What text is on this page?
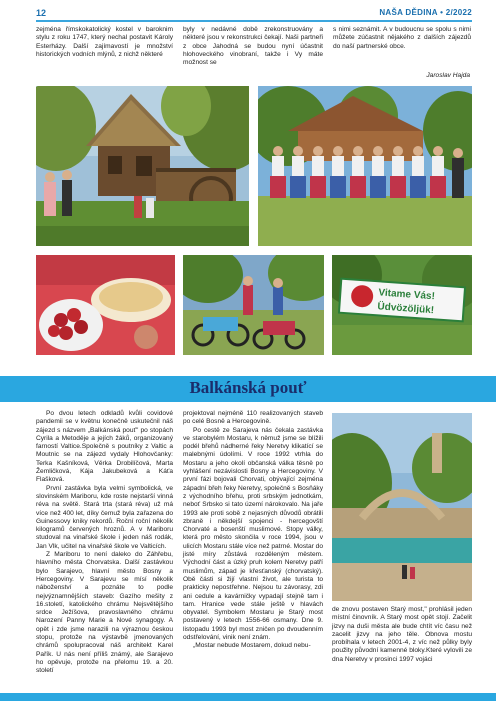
12	NAŠA DĚDINA • 2/2022
zejména římskokatolický kostel v baroknim stylu z roku 1747, který nechal postavit Károly Esterházy. Další zajímavostí je množství historických vodních mlýnů, z nichž některé
byly v nedávné době zrekonstruovány a některé jsou v rekonstrukci čekají. Naši partneři z obce Jahodná se budou nyní účastnit hlohoveckého vinobraní, takže i Vy máte možnost se
s nimi seznámit. A v budoucnu se spolu s nimi můžete zúčastnit nějakého z dalších zájezdů do naší partnerské obce.
Jaroslav Hajda
Vitame Vás!
Üdvözöljük!
Balkánská pouť

Po dvou letech odkladů kvůli covidové pandemii se v květnu konečně uskutečnil náš zájezd s názvem „Balkánská pouť" po stopách Cyrila a Metoděje a jejích žáků, organizovaný farností Valtice.Společně s poutníky z Valtic a Moutnic se na zájezd vydaly Hlohovčanky: Terka Kašníková, Věrka Drobilíčová, Marta Žemličková, Kája Jakubeková a Káťa Flašková.

První zastávka byla velmi symbolická, ve slovinském Mariboru, kde roste nejstarší vinná réva na světě. Stará trta (stará réva) už má více než 400 let, díky čemuž byla zařazena do Guinessovy kniky rekordů. Roční roční několik kilogramů červených hroznů. A v Mariboru studoval na vinařské škole i jeden náš rodák, Jan Vlk, učitel na vinařské škole ve Valticích.

Z Mariboru to není daleko do Záhřebu, hlavního města Chorvatska. Další zastávkou bylo Sarajevo, hlavní město Bosny a Hercegoviny. V Sarajevu se mísí několik náboženství a poznáte to podle nejvýznamnějších staveb: Gazího mešity z 16.století, katolického chrámu Nejsvětějšího srdce Ježíšova, pravoslavného chrámu Narození Panny Marie a Nové synagogy. A opět i zde jsme narazili na výraznou českou stopu, protože na výstavbě jmenovaných chrámů spolupracoval náš architekt Karel Pařík. U nás není příliš známý, ale Sarajevo ho opěvuje, protože na přelomu 19. a 20. století

projektoval nejméně 110 realizovaných staveb po celé Bosně a Hercegovině.

Po cestě ze Sarajeva nás čekala zastávka ve starobylém Mostaru, k němuž jsme se blížili podél břehů nádherné řeky Neretvy klikatící se malebnými údolími. V roce 1992 vtrhla do Mostaru a jeho okolí občanská válka těsně po vyhlášení nezávislosti Bosny a Hercegoviny. V první fázi bojovali Chorvati, obývající zejména západní břeh řeky Neretvy, společně s Bosňáky z východního břehu, proti srbským jednotkám, neboť Srbsko si tato území nárokovalo. Na jaře 1993 ale proti sobě z nejasných důvodů obrátili zbraně i někdejší spojenci - hercegovští Chorvaté a bosenští muslimové. Stopy války, která pro město skončila v roce 1994, jsou v ulicích Mostaru stále více než patrné. Mostar do jisté míry zůstává rozděleným městem. Východní část a úzký pruh kolem Neretvy patří muslimům, západ je křesťanský (chorvatský). Obě části si žijí vlastní život, ale turista to prakticky nepostřehne. Nejsou tu závorasy, zdi ani cedule a kavárničky vypadají stejně tam i tam. Hranice vede stále ještě v hlavách obyvatel. Symbolem Mostaru je Starý most postavený v letech 1556-66 osmany. Dne 9. listopadu 1993 byl most zničen po dvoudenním odstřelování, vinik není znám.

„Mostar nebude Mostarem, dokud nebu-

de znovu postaven Starý most," prohlásil jeden místní činovník. A Starý most opět stojí. Začelit jizvy na duši města ale bude chtít víc času než zacelit jizvy na jeho těle. Obnova mostu probíhala v letech 2001-4, z víc než půlky byly použity původní kamenné bloky.Které vylovili ze dna Neretvy v prosinci 1997 vojáci
